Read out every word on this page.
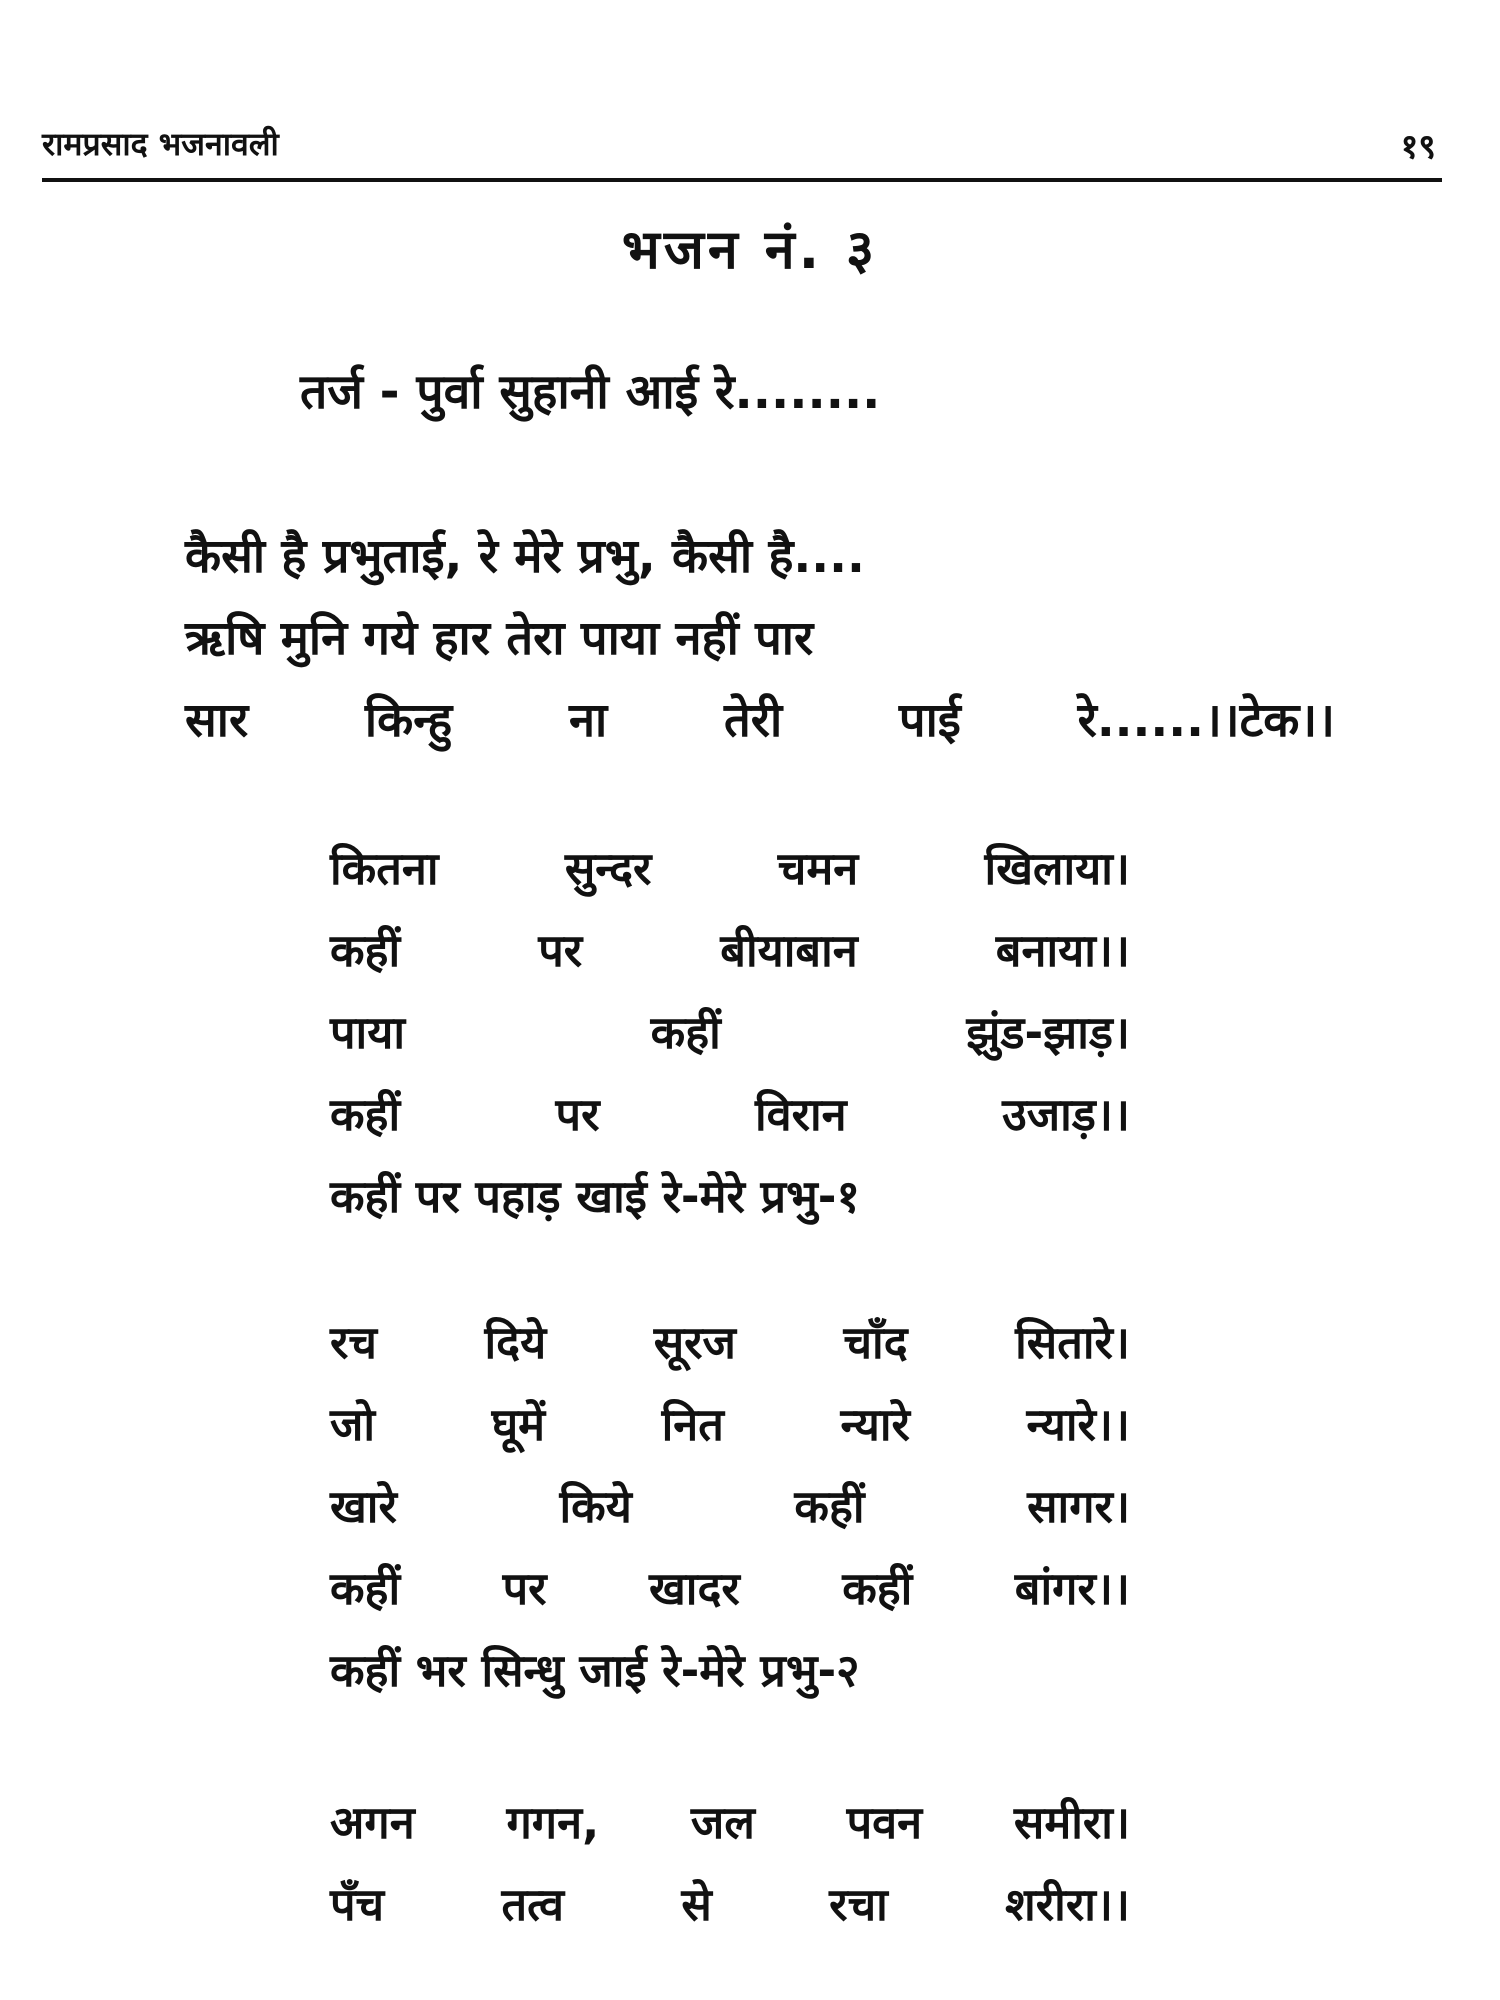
रामप्रसाद भजनावली	१९
भजन नं. ३
तर्ज - पुर्वा सुहानी आई रे........
कैसी है प्रभुताई, रे मेरे प्रभु, कैसी है....
ऋषि मुनि गये हार तेरा पाया नहीं पार
सार किन्हु ना तेरी पाई रे......।।टेक।।
कितना सुन्दर चमन खिलाया।
कहीं पर बीयाबान बनाया।।
पाया कहीं झुंड-झाड़।
कहीं पर विरान उजाड़।।
कहीं पर पहाड़ खाई रे-मेरे प्रभु-१
रच दिये सूरज चाँद सितारे।
जो घूमें नित न्यारे न्यारे।।
खारे किये कहीं सागर।
कहीं पर खादर कहीं बांगर।।
कहीं भर सिन्धु जाई रे-मेरे प्रभु-२
अगन गगन, जल पवन समीरा।
पँच तत्व से रचा शरीरा।।
